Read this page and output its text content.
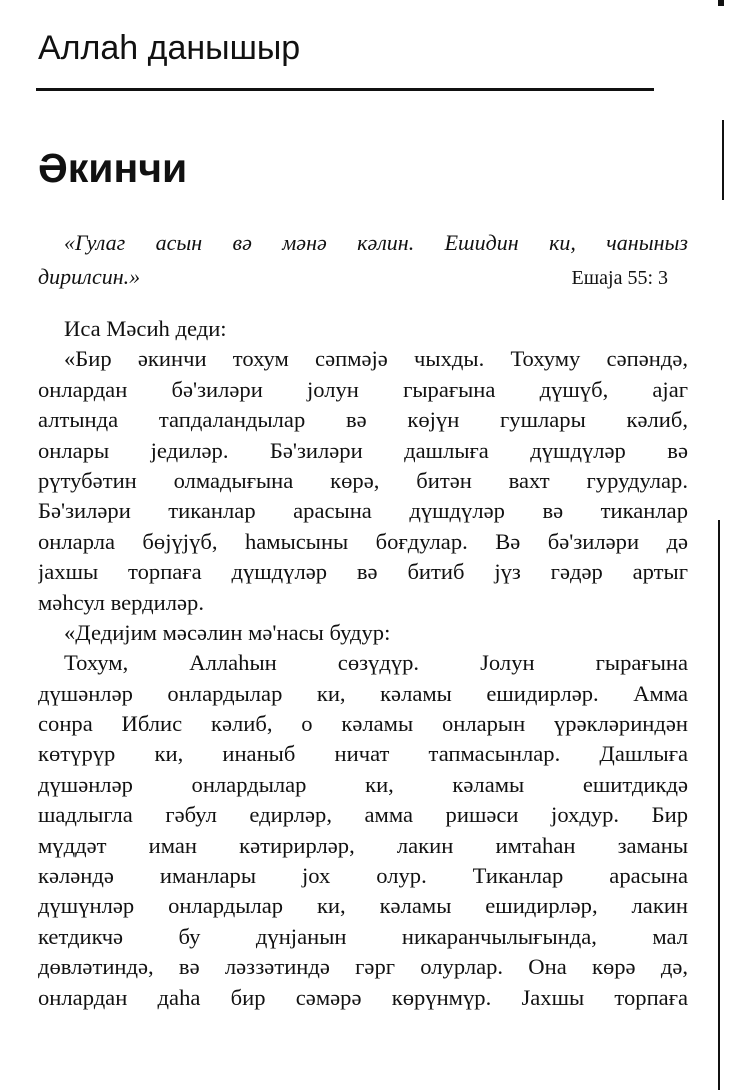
Аллаһ данышыр
Әкинчи
«Гулаг асын вә мәнә кәлин. Ешидин ки, чаныныз
дирилсин.»	Ешаја 55: 3
Иса Мәсиһ деди:
«Бир әкинчи тохум сәпмәјә чыхды. Тохуму сәпәндә,
онлардан бә'зиләри јолун гырағына дүшүб, ајаг
алтында тапдаландылар вә көјүн гушлары кәлиб,
онлары једиләр. Бә'зиләри дашлыға дүшдүләр вә
рүтубәтин олмадығына көрә, битән вахт гурудулар.
Бә'зиләри тиканлар арасына дүшдүләр вә тиканлар
онларла бөјүјүб, һамысыны боғдулар. Вә бә'зиләри дә
јахшы торпаға дүшдүләр вә битиб јүз гәдәр артыг
мәһсул вердиләр.
«Дедијим мәсәлин мә'насы будур:
Тохум, Аллаһын сөзүдүр. Јолун гырағына
дүшәнләр онлардылар ки, кәламы ешидирләр. Амма
сонра Иблис кәлиб, о кәламы онларын үрәкләриндән
көтүрүр ки, инаныб ничат тапмасынлар. Дашлыға
дүшәнләр онлардылар ки, кәламы ешитдикдә
шадлыгла гәбул едирләр, амма ришәси јохдур. Бир
мүддәт иман кәтирирләр, лакин имтаһан заманы
кәләндә иманлары јох олур. Тиканлар арасына
дүшүнләр онлардылар ки, кәламы ешидирләр, лакин
кетдикчә бу дүнјанын никаранчылығында, мал
дөвләтиндә, вә ләззәтиндә гәрг олурлар. Она көрә дә,
онлардан даһа бир сәмәрә көрүнмүр. Јахшы торпаға
